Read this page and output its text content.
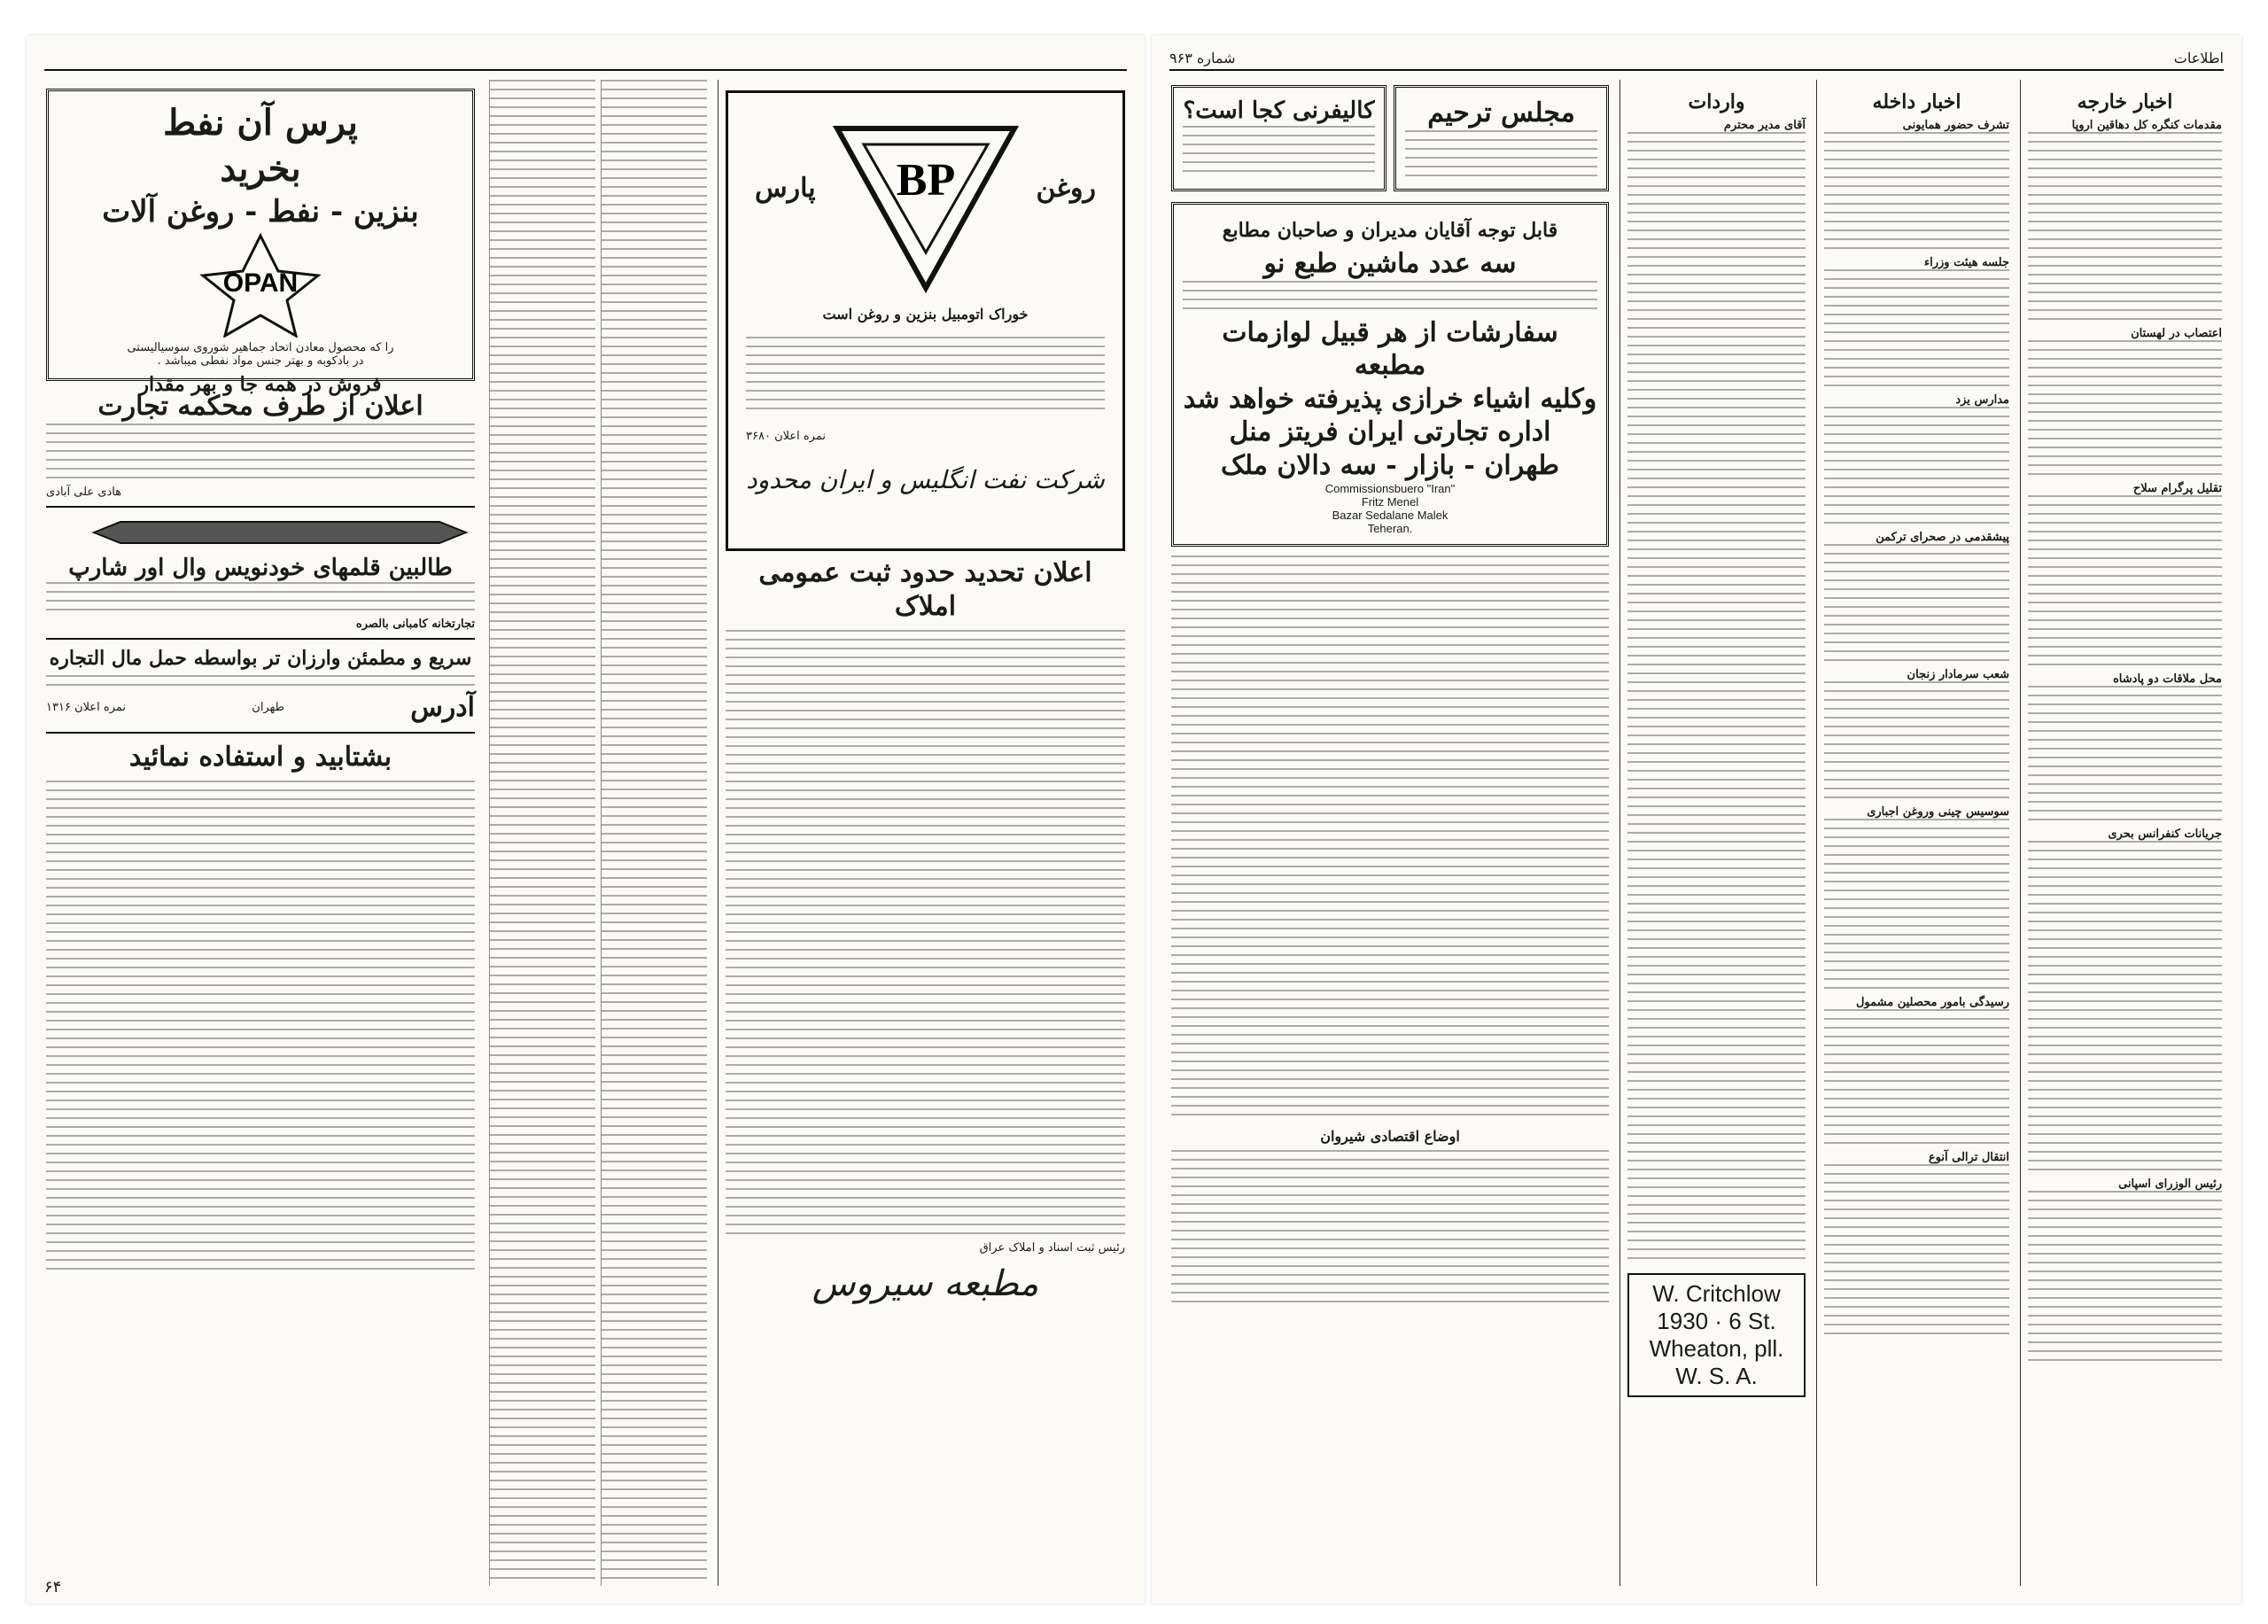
پرس آن نفط
بخرید
بنزین - نفط - روغن آلات
OPAN
را که محصول معادن اتحاد جماهیر شوروی سوسیالیستی
در بادکوبه و بهتر جنس مواد نفطی میباشد .
فروش در همه جا و بهر مقدار
اعلان از طرف محکمه تجارت
هادی علی آبادی
طالبین قلمهای خودنویس وال اور شارپ
تجارتخانه کامبانی بالصره
سریع و مطمئن وارزان تر بواسطه حمل مال التجاره
آدرس
طهران
نمره اعلان ۱۳۱۶
بشتابید و استفاده نمائید
BP	روغن
پارس
خوراک اتومبیل بنزین و روغن است
نمره اعلان ۳۶۸۰
شرکت نفت انگلیس و ایران محدود
اعلان تحدید حدود ثبت عمومی املاک
رئیس ثبت اسناد و املاک عراق
مطبعه سیروس
۶۴
اطلاعات
شماره ۹۶۳
اخبار خارجه
مقدمات کنگره کل دهاقین اروپا
اعتصاب در لهستان
تقلیل پرگرام سلاح
محل ملاقات دو پادشاه
جریانات کنفرانس بحری
رئیس الوزرای اسپانی
اخبار داخله
تشرف حضور همایونی
جلسه هیئت وزراء
مدارس یزد
پیشقدمی در صحرای ترکمن
شعب سرمادار زنجان
سوسیس چینی وروغن اجباری
رسیدگی بامور محصلین مشمول
انتقال ترالی آنوع
واردات
آقای مدیر محترم
W. Critchlow 1930 · 6 St.
Wheaton, pll. W. S. A.
مجلس ترحیم
کالیفرنی کجا است؟
قابل توجه آقایان مدیران و صاحبان مطابع
سه عدد ماشین طبع نو
سفارشات از هر قبیل لوازمات مطبعه
وکلیه اشیاء خرازی پذیرفته خواهد شد
اداره تجارتی ایران فریتز منل
طهران - بازار - سه دالان ملک
Commissionsbuero "Iran"
Fritz Menel
Bazar Sedalane Malek
Teheran.
اوضاع اقتصادی شیروان
